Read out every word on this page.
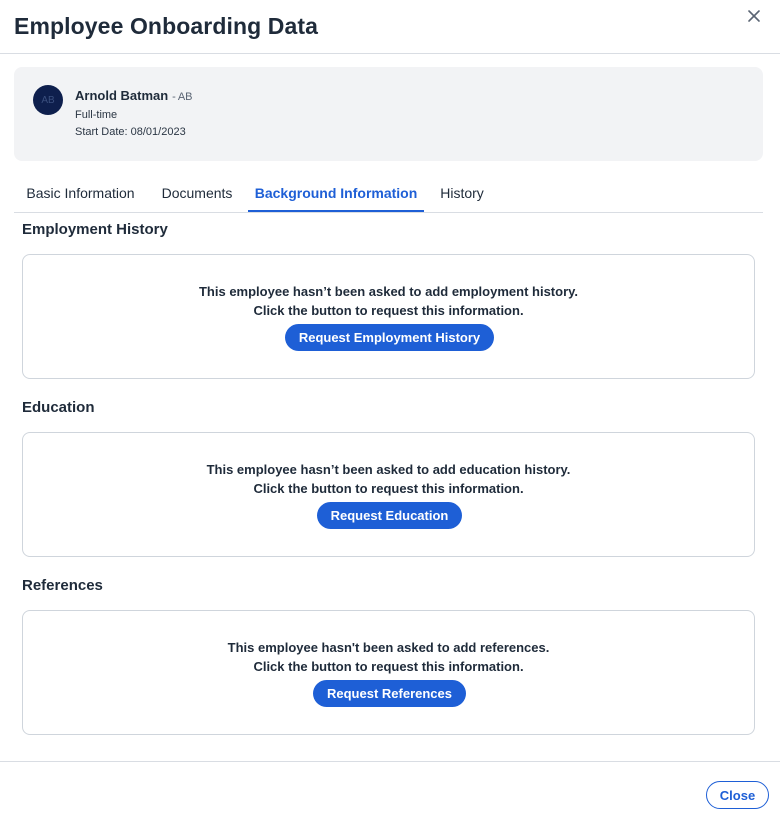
Employee Onboarding Data
AB	Arnold Batman - AB
Full-time
Start Date: 08/01/2023
Basic Information	Documents	Background Information	History
Employment History
This employee hasn’t been asked to add employment history.
Click the button to request this information.
Request Employment History
Education
This employee hasn’t been asked to add education history.
Click the button to request this information.
Request Education
References
This employee hasn't been asked to add references.
Click the button to request this information.
Request References
Close
